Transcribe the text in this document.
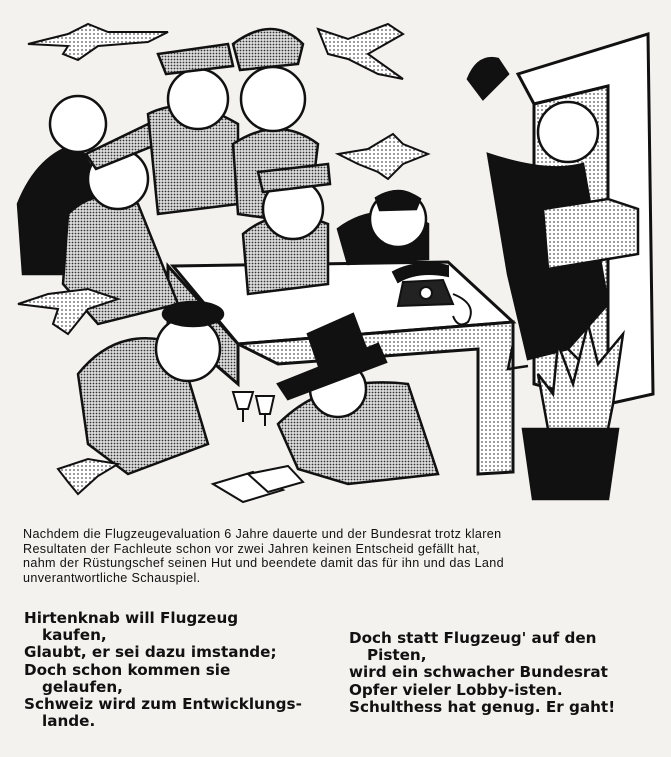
Nachdem die Flugzeugevaluation 6 Jahre dauerte und der Bundesrat trotz klaren
Resultaten der Fachleute schon vor zwei Jahren keinen Entscheid gefällt hat,
nahm der Rüstungschef seinen Hut und beendete damit das für ihn und das Land
unverantwortliche Schauspiel.

Hirtenknab will Flugzeug
kaufen,
Glaubt, er sei dazu imstande;
Doch schon kommen sie
gelaufen,
Schweiz wird zum Entwicklungs-
lande.
Doch statt Flugzeug' auf den
Pisten,
wird ein schwacher Bundesrat
Opfer vieler Lobby-isten.
Schulthess hat genug. Er gaht!
